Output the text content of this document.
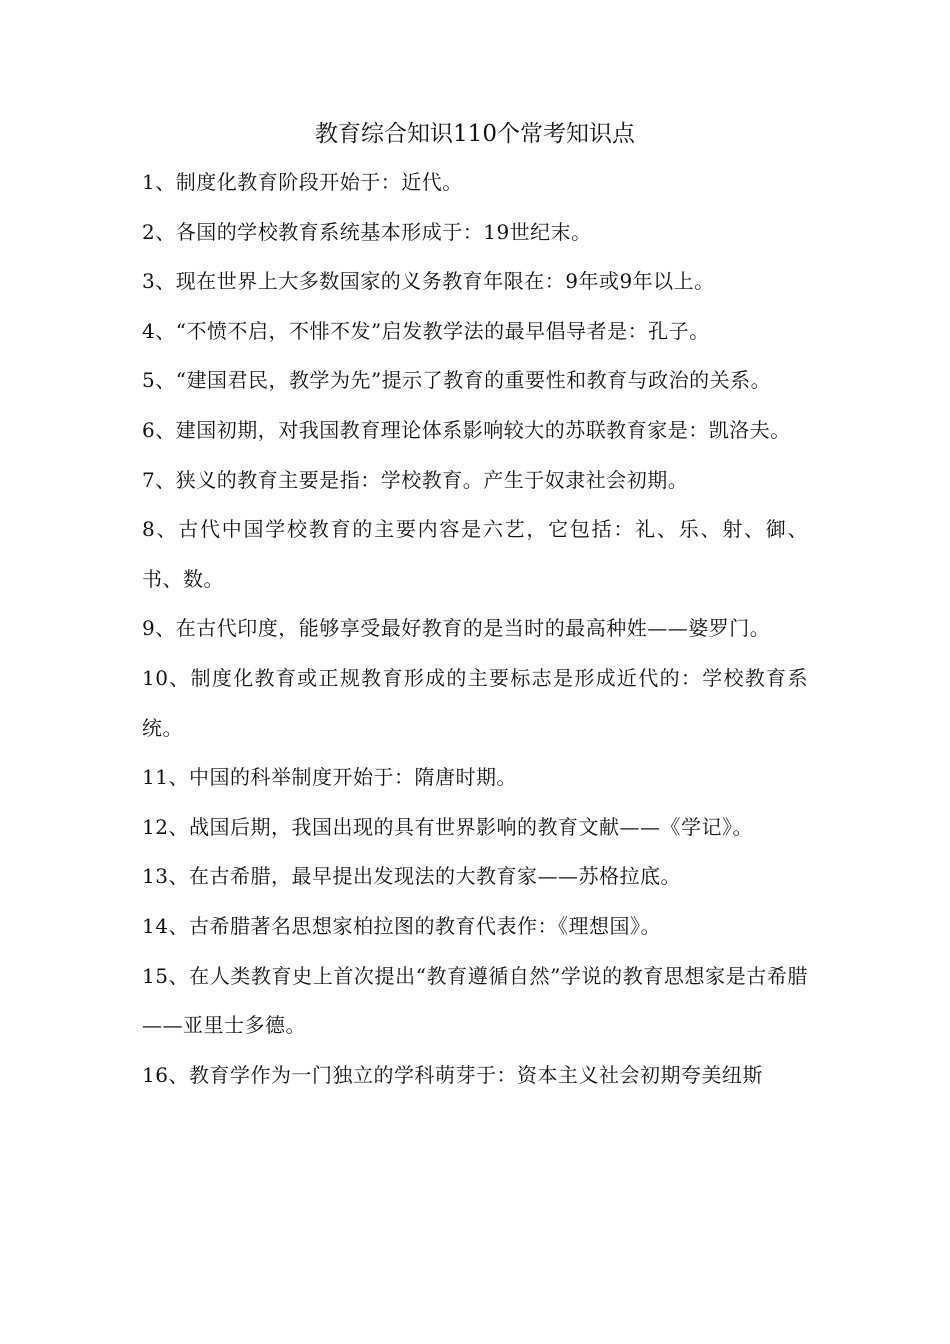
教育综合知识110个常考知识点

1、制度化教育阶段开始于：近代。

2、各国的学校教育系统基本形成于：19世纪末。

3、现在世界上大多数国家的义务教育年限在：9年或9年以上。

4、“不愤不启，不悱不发”启发教学法的最早倡导者是：孔子。

5、“建国君民，教学为先”提示了教育的重要性和教育与政治的关系。

6、建国初期，对我国教育理论体系影响较大的苏联教育家是：凯洛夫。

7、狭义的教育主要是指：学校教育。产生于奴隶社会初期。

8、古代中国学校教育的主要内容是六艺，它包括：礼、乐、射、御、书、数。

9、在古代印度，能够享受最好教育的是当时的最高种姓——婆罗门。

10、制度化教育或正规教育形成的主要标志是形成近代的：学校教育系统。

11、中国的科举制度开始于：隋唐时期。

12、战国后期，我国出现的具有世界影响的教育文献——《学记》。

13、在古希腊，最早提出发现法的大教育家——苏格拉底。

14、古希腊著名思想家柏拉图的教育代表作：《理想国》。

15、在人类教育史上首次提出“教育遵循自然”学说的教育思想家是古希腊——亚里士多德。

16、教育学作为一门独立的学科萌芽于：资本主义社会初期夸美纽斯
